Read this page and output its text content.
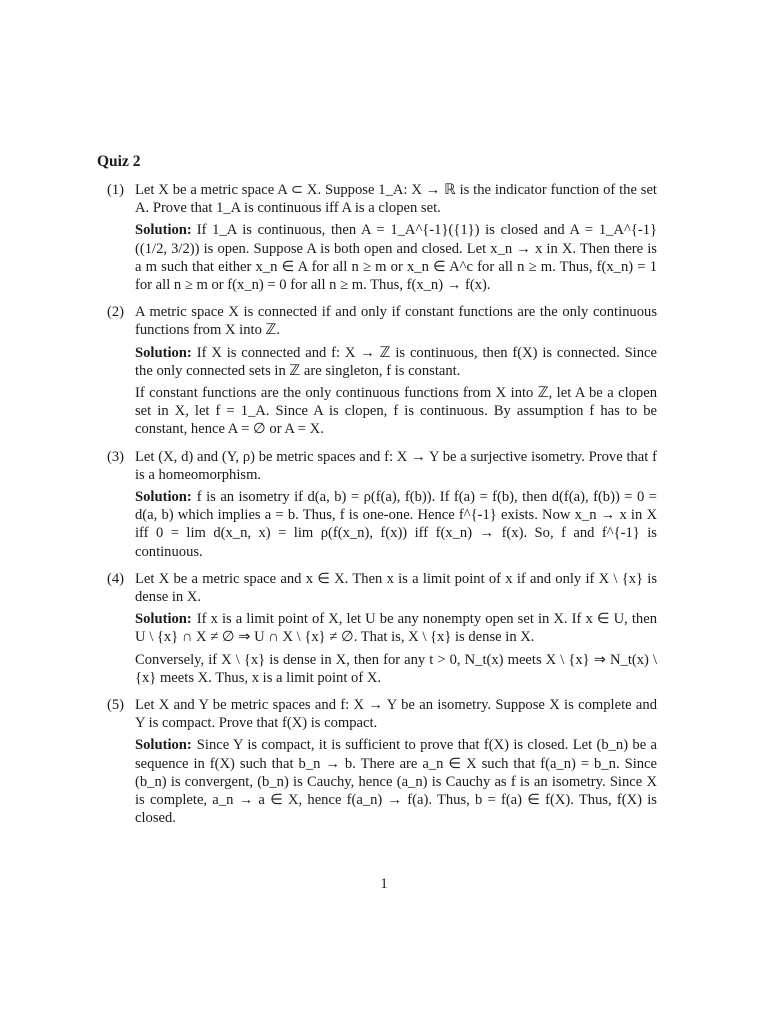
Quiz 2
(1) Let X be a metric space A ⊂ X. Suppose 1_A: X → ℝ is the indicator function of the set A. Prove that 1_A is continuous iff A is a clopen set.

Solution: If 1_A is continuous, then A = 1_A^{-1}({1}) is closed and A = 1_A^{-1}((1/2, 3/2)) is open. Suppose A is both open and closed. Let x_n → x in X. Then there is a m such that either x_n ∈ A for all n ≥ m or x_n ∈ A^c for all n ≥ m. Thus, f(x_n) = 1 for all n ≥ m or f(x_n) = 0 for all n ≥ m. Thus, f(x_n) → f(x).

(2) A metric space X is connected if and only if constant functions are the only continuous functions from X into ℤ.

Solution: If X is connected and f: X → ℤ is continuous, then f(X) is connected. Since the only connected sets in ℤ are singleton, f is constant.

If constant functions are the only continuous functions from X into ℤ, let A be a clopen set in X, let f = 1_A. Since A is clopen, f is continuous. By assumption f has to be constant, hence A = ∅ or A = X.

(3) Let (X, d) and (Y, ρ) be metric spaces and f: X → Y be a surjective isometry. Prove that f is a homeomorphism.

Solution: f is an isometry if d(a, b) = ρ(f(a), f(b)). If f(a) = f(b), then d(f(a), f(b)) = 0 = d(a, b) which implies a = b. Thus, f is one-one. Hence f^{-1} exists. Now x_n → x in X iff 0 = lim d(x_n, x) = lim ρ(f(x_n), f(x)) iff f(x_n) → f(x). So, f and f^{-1} is continuous.

(4) Let X be a metric space and x ∈ X. Then x is a limit point of x if and only if X \ {x} is dense in X.

Solution: If x is a limit point of X, let U be any nonempty open set in X. If x ∈ U, then U \ {x} ∩ X ≠ ∅ ⇒ U ∩ X \ {x} ≠ ∅. That is, X \ {x} is dense in X.

Conversely, if X \ {x} is dense in X, then for any t > 0, N_t(x) meets X \ {x} ⇒ N_t(x) \ {x} meets X. Thus, x is a limit point of X.

(5) Let X and Y be metric spaces and f: X → Y be an isometry. Suppose X is complete and Y is compact. Prove that f(X) is compact.

Solution: Since Y is compact, it is sufficient to prove that f(X) is closed. Let (b_n) be a sequence in f(X) such that b_n → b. There are a_n ∈ X such that f(a_n) = b_n. Since (b_n) is convergent, (b_n) is Cauchy, hence (a_n) is Cauchy as f is an isometry. Since X is complete, a_n → a ∈ X, hence f(a_n) → f(a). Thus, b = f(a) ∈ f(X). Thus, f(X) is closed.

1
